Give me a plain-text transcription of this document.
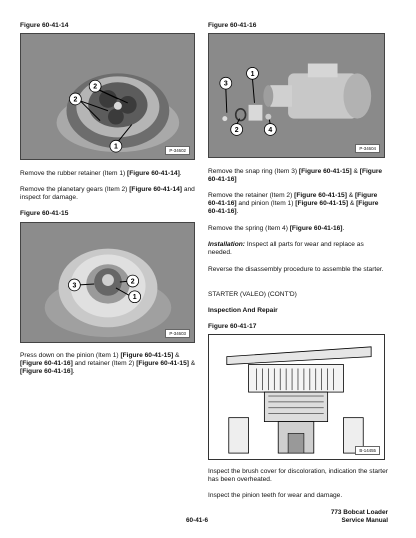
Figure 60-41-14
2
2
1	P-34602
Remove the rubber retainer (Item 1) [Figure 60-41-14].
Remove the planetary gears (Item 2) [Figure 60-41-14] and inspect for damage.
Figure 60-41-15
3
2
1
P-34603
Press down on the pinion (Item 1) [Figure 60-41-15] & [Figure 60-41-16] and retainer (Item 2) [Figure 60-41-15] & [Figure 60-41-16].
Figure 60-41-16
3
1
2	4
P-34604
Remove the snap ring (Item 3) [Figure 60-41-15] & [Figure 60-41-16]
Remove the retainer (Item 2) [Figure 60-41-15] & [Figure 60-41-16] and pinion (Item 1) [Figure 60-41-15] & [Figure 60-41-16].
Remove the spring (Item 4) [Figure 60-41-16].
Installation: Inspect all parts for wear and replace as needed.
Reverse the disassembly procedure to assemble the starter.
STARTER (VALEO) (CONT'D)
Inspection And Repair
Figure 60-41-17
B-14455
Inspect the brush cover for discoloration, indication the starter has been overheated.
Inspect the pinion teeth for wear and damage.
773 Bobcat Loader
Service Manual
60-41-6
